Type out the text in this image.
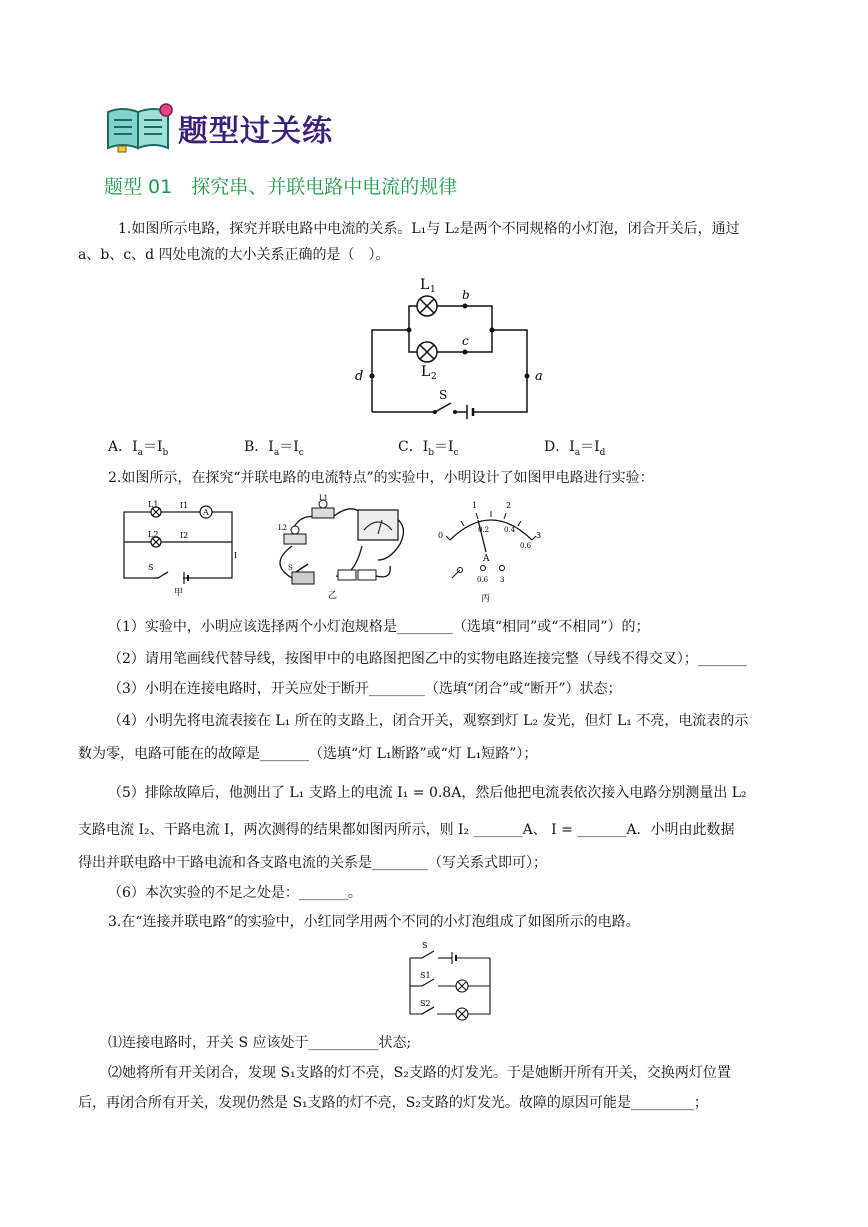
题型过关练
题型 01　探究串、并联电路中电流的规律
1.如图所示电路，探究并联电路中电流的关系。L₁与 L₂是两个不同规格的小灯泡，闭合开关后，通过
a、b、c、d 四处电流的大小关系正确的是（　）。
L 1 b
c
L 2
d	a
S
A．$I_a=I_b$	B．$I_a=I_c$	C．$I_b=I_c$	D．$I_a=I_d$
2.如图所示，在探究“并联电路的电流特点”的实验中，小明设计了如图甲电路进行实验：
L1	I1
A
L2	I2
I
S
甲
L1
L2
S
乙
1	2
0	3
0.2 0.4
0.6
A
0.6 3
丙
（1）实验中，小明应该选择两个小灯泡规格是________（选填“相同”或“不相同”）的；
（2）请用笔画线代替导线，按图甲中的电路图把图乙中的实物电路连接完整（导线不得交叉）；_______
（3）小明在连接电路时，开关应处于断开________（选填“闭合”或“断开”）状态；
（4）小明先将电流表接在 L₁ 所在的支路上，闭合开关，观察到灯 L₂ 发光，但灯 L₁ 不亮，电流表的示
数为零，电路可能在的故障是_______（选填“灯 L₁断路”或“灯 L₁短路”）；
（5）排除故障后，他测出了 L₁ 支路上的电流 I₁ = 0.8A，然后他把电流表依次接入电路分别测量出 L₂
支路电流 I₂、干路电流 I，两次测得的结果都如图丙所示，则 I₂ _______A、 I = _______A．小明由此数据
得出并联电路中干路电流和各支路电流的关系是________（写关系式即可）；
（6）本次实验的不足之处是：_______。
3.在“连接并联电路”的实验中，小红同学用两个不同的小灯泡组成了如图所示的电路。
S
S1
S2
⑴连接电路时，开关 S 应该处于__________状态;
⑵她将所有开关闭合，发现 S₁支路的灯不亮，S₂支路的灯发光。于是她断开所有开关，交换两灯位置
后，再闭合所有开关，发现仍然是 S₁支路的灯不亮，S₂支路的灯发光。故障的原因可能是_________；
